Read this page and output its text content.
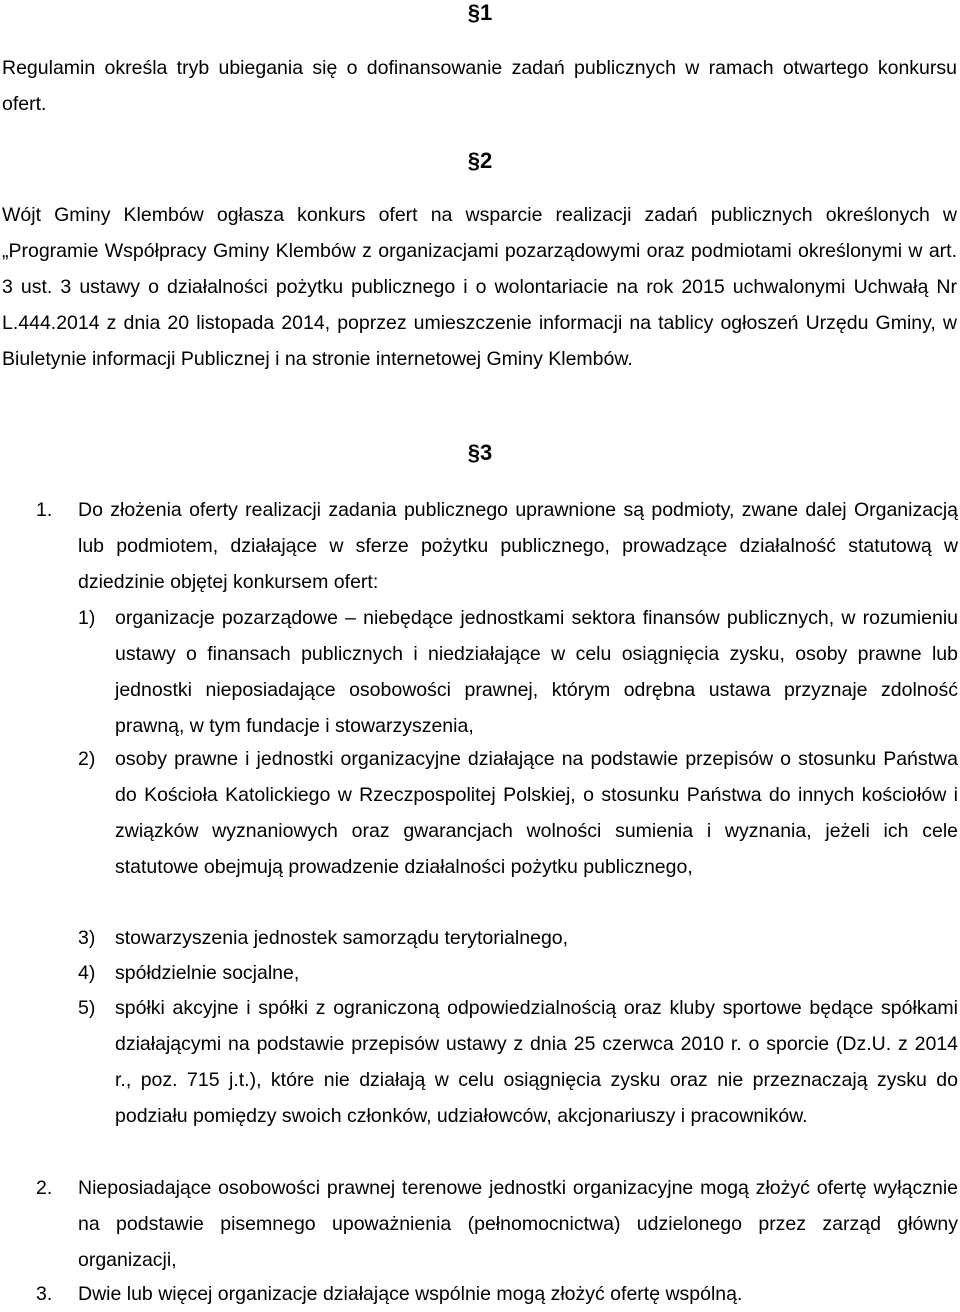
§1

Regulamin określa tryb ubiegania się o dofinansowanie zadań publicznych w ramach otwartego konkursu ofert.

§2

Wójt Gminy Klembów ogłasza konkurs ofert na wsparcie realizacji zadań publicznych określonych w „Programie Współpracy Gminy Klembów z organizacjami pozarządowymi oraz podmiotami określonymi w art. 3 ust. 3 ustawy o działalności pożytku publicznego i o wolontariacie na rok 2015 uchwalonymi Uchwałą Nr L.444.2014 z dnia 20 listopada 2014, poprzez umieszczenie informacji na tablicy ogłoszeń Urzędu Gminy, w Biuletynie informacji Publicznej i na stronie internetowej Gminy Klembów.

§3
1.	Do złożenia oferty realizacji zadania publicznego uprawnione są podmioty, zwane dalej Organizacją lub podmiotem, działające w sferze pożytku publicznego, prowadzące działalność statutową w dziedzinie objętej konkursem ofert:
1) organizacje pozarządowe – niebędące jednostkami sektora finansów publicznych, w rozumieniu ustawy o finansach publicznych i niedziałające w celu osiągnięcia zysku, osoby prawne lub jednostki nieposiadające osobowości prawnej, którym odrębna ustawa przyznaje zdolność prawną, w tym fundacje i stowarzyszenia,
2) osoby prawne i jednostki organizacyjne działające na podstawie przepisów o stosunku Państwa do Kościoła Katolickiego w Rzeczpospolitej Polskiej, o stosunku Państwa do innych kościołów i związków wyznaniowych oraz gwarancjach wolności sumienia i wyznania, jeżeli ich cele statutowe obejmują prowadzenie działalności pożytku publicznego,
3) stowarzyszenia jednostek samorządu terytorialnego,
4) spółdzielnie socjalne,
5) spółki akcyjne i spółki z ograniczoną odpowiedzialnością oraz kluby sportowe będące spółkami działającymi na podstawie przepisów ustawy z dnia 25 czerwca 2010 r. o sporcie (Dz.U. z 2014 r., poz. 715 j.t.), które nie działają w celu osiągnięcia zysku oraz nie przeznaczają zysku do podziału pomiędzy swoich członków, udziałowców, akcjonariuszy i pracowników.
2.	Nieposiadające osobowości prawnej terenowe jednostki organizacyjne mogą złożyć ofertę wyłącznie na podstawie pisemnego upoważnienia (pełnomocnictwa) udzielonego przez zarząd główny organizacji,
3.	Dwie lub więcej organizacje działające wspólnie mogą złożyć ofertę wspólną.
